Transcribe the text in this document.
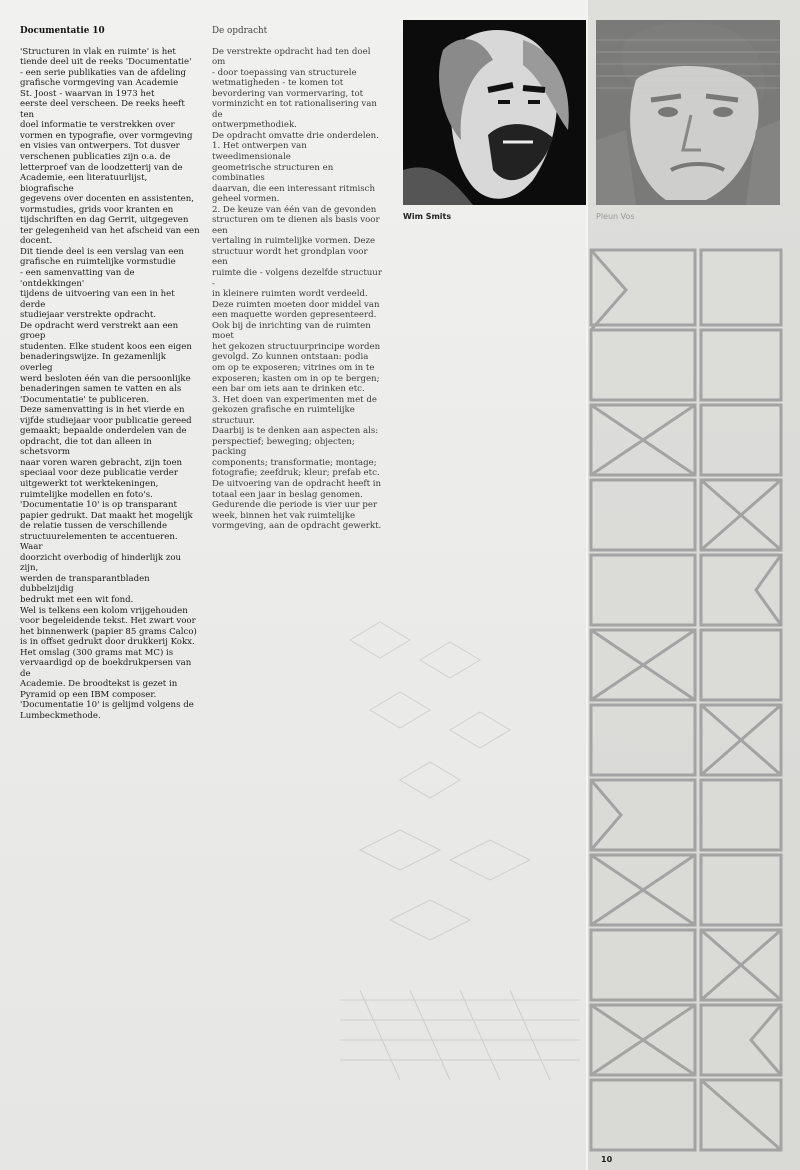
Documentatie 10

'Structuren in vlak en ruimte' is het
tiende deel uit de reeks 'Documentatie'
- een serie publikaties van de afdeling
grafische vormgeving van Academie
St. Joost - waarvan in 1973 het
eerste deel verscheen. De reeks heeft ten
doel informatie te verstrekken over
vormen en typografie, over vormgeving
en visies van ontwerpers. Tot dusver
verschenen publicaties zijn o.a. de
letterproef van de loodzetterij van de
Academie, een literatuurlijst, biografische
gegevens over docenten en assistenten,
vormstudies, grids voor kranten en
tijdschriften en dag Gerrit, uitgegeven
ter gelegenheid van het afscheid van een
docent.

Dit tiende deel is een verslag van een
grafische en ruimtelijke vormstudie
- een samenvatting van de 'ontdekkingen'
tijdens de uitvoering van een in het derde
studiejaar verstrekte opdracht.

De opdracht werd verstrekt aan een groep
studenten. Elke student koos een eigen
benaderingswijze. In gezamenlijk overleg
werd besloten één van die persoonlijke
benaderingen samen te vatten en als
'Documentatie' te publiceren.

Deze samenvatting is in het vierde en
vijfde studiejaar voor publicatie gereed
gemaakt; bepaalde onderdelen van de
opdracht, die tot dan alleen in schetsvorm
naar voren waren gebracht, zijn toen
speciaal voor deze publicatie verder
uitgewerkt tot werktekeningen,
ruimtelijke modellen en foto's.

'Documentatie 10' is op transparant
papier gedrukt. Dat maakt het mogelijk
de relatie tussen de verschillende
structuurelementen te accentueren. Waar
doorzicht overbodig of hinderlijk zou zijn,
werden de transparantbladen dubbelzijdig
bedrukt met een wit fond.

Wel is telkens een kolom vrijgehouden
voor begeleidende tekst. Het zwart voor
het binnenwerk (papier 85 grams Calco)
is in offset gedrukt door drukkerij Kokx.
Het omslag (300 grams mat MC) is
vervaardigd op de boekdrukpersen van de
Academie. De broodtekst is gezet in
Pyramid op een IBM composer.
'Documentatie 10' is gelijmd volgens de
Lumbeckmethode.

De opdracht

De verstrekte opdracht had ten doel om
- door toepassing van structurele
wetmatigheden - te komen tot
bevordering van vormervaring, tot
vorminzicht en tot rationalisering van de
ontwerpmethodiek.

De opdracht omvatte drie onderdelen.
1. Het ontwerpen van tweedimensionale
geometrische structuren en combinaties
daarvan, die een interessant ritmisch
geheel vormen.

2. De keuze van één van de gevonden
structuren om te dienen als basis voor een
vertaling in ruimtelijke vormen. Deze
structuur wordt het grondplan voor een
ruimte die - volgens dezelfde structuur -
in kleinere ruimten wordt verdeeld.
Deze ruimten moeten door middel van
een maquette worden gepresenteerd.
Ook bij de inrichting van de ruimten moet
het gekozen structuurprincipe worden
gevolgd. Zo kunnen ontstaan: podia
om op te exposeren; vitrines om in te
exposeren; kasten om in op te bergen;
een bar om iets aan te drinken etc.

3. Het doen van experimenten met de
gekozen grafische en ruimtelijke
structuur.
Daarbij is te denken aan aspecten als:
perspectief; beweging; objecten; packing
components; transformatie; montage;
fotografie; zeefdruk; kleur; prefab etc.
De uitvoering van de opdracht heeft in
totaal een jaar in beslag genomen.
Gedurende die periode is vier uur per
week, binnen het vak ruimtelijke
vormgeving, aan de opdracht gewerkt.

Wim Smits
10
